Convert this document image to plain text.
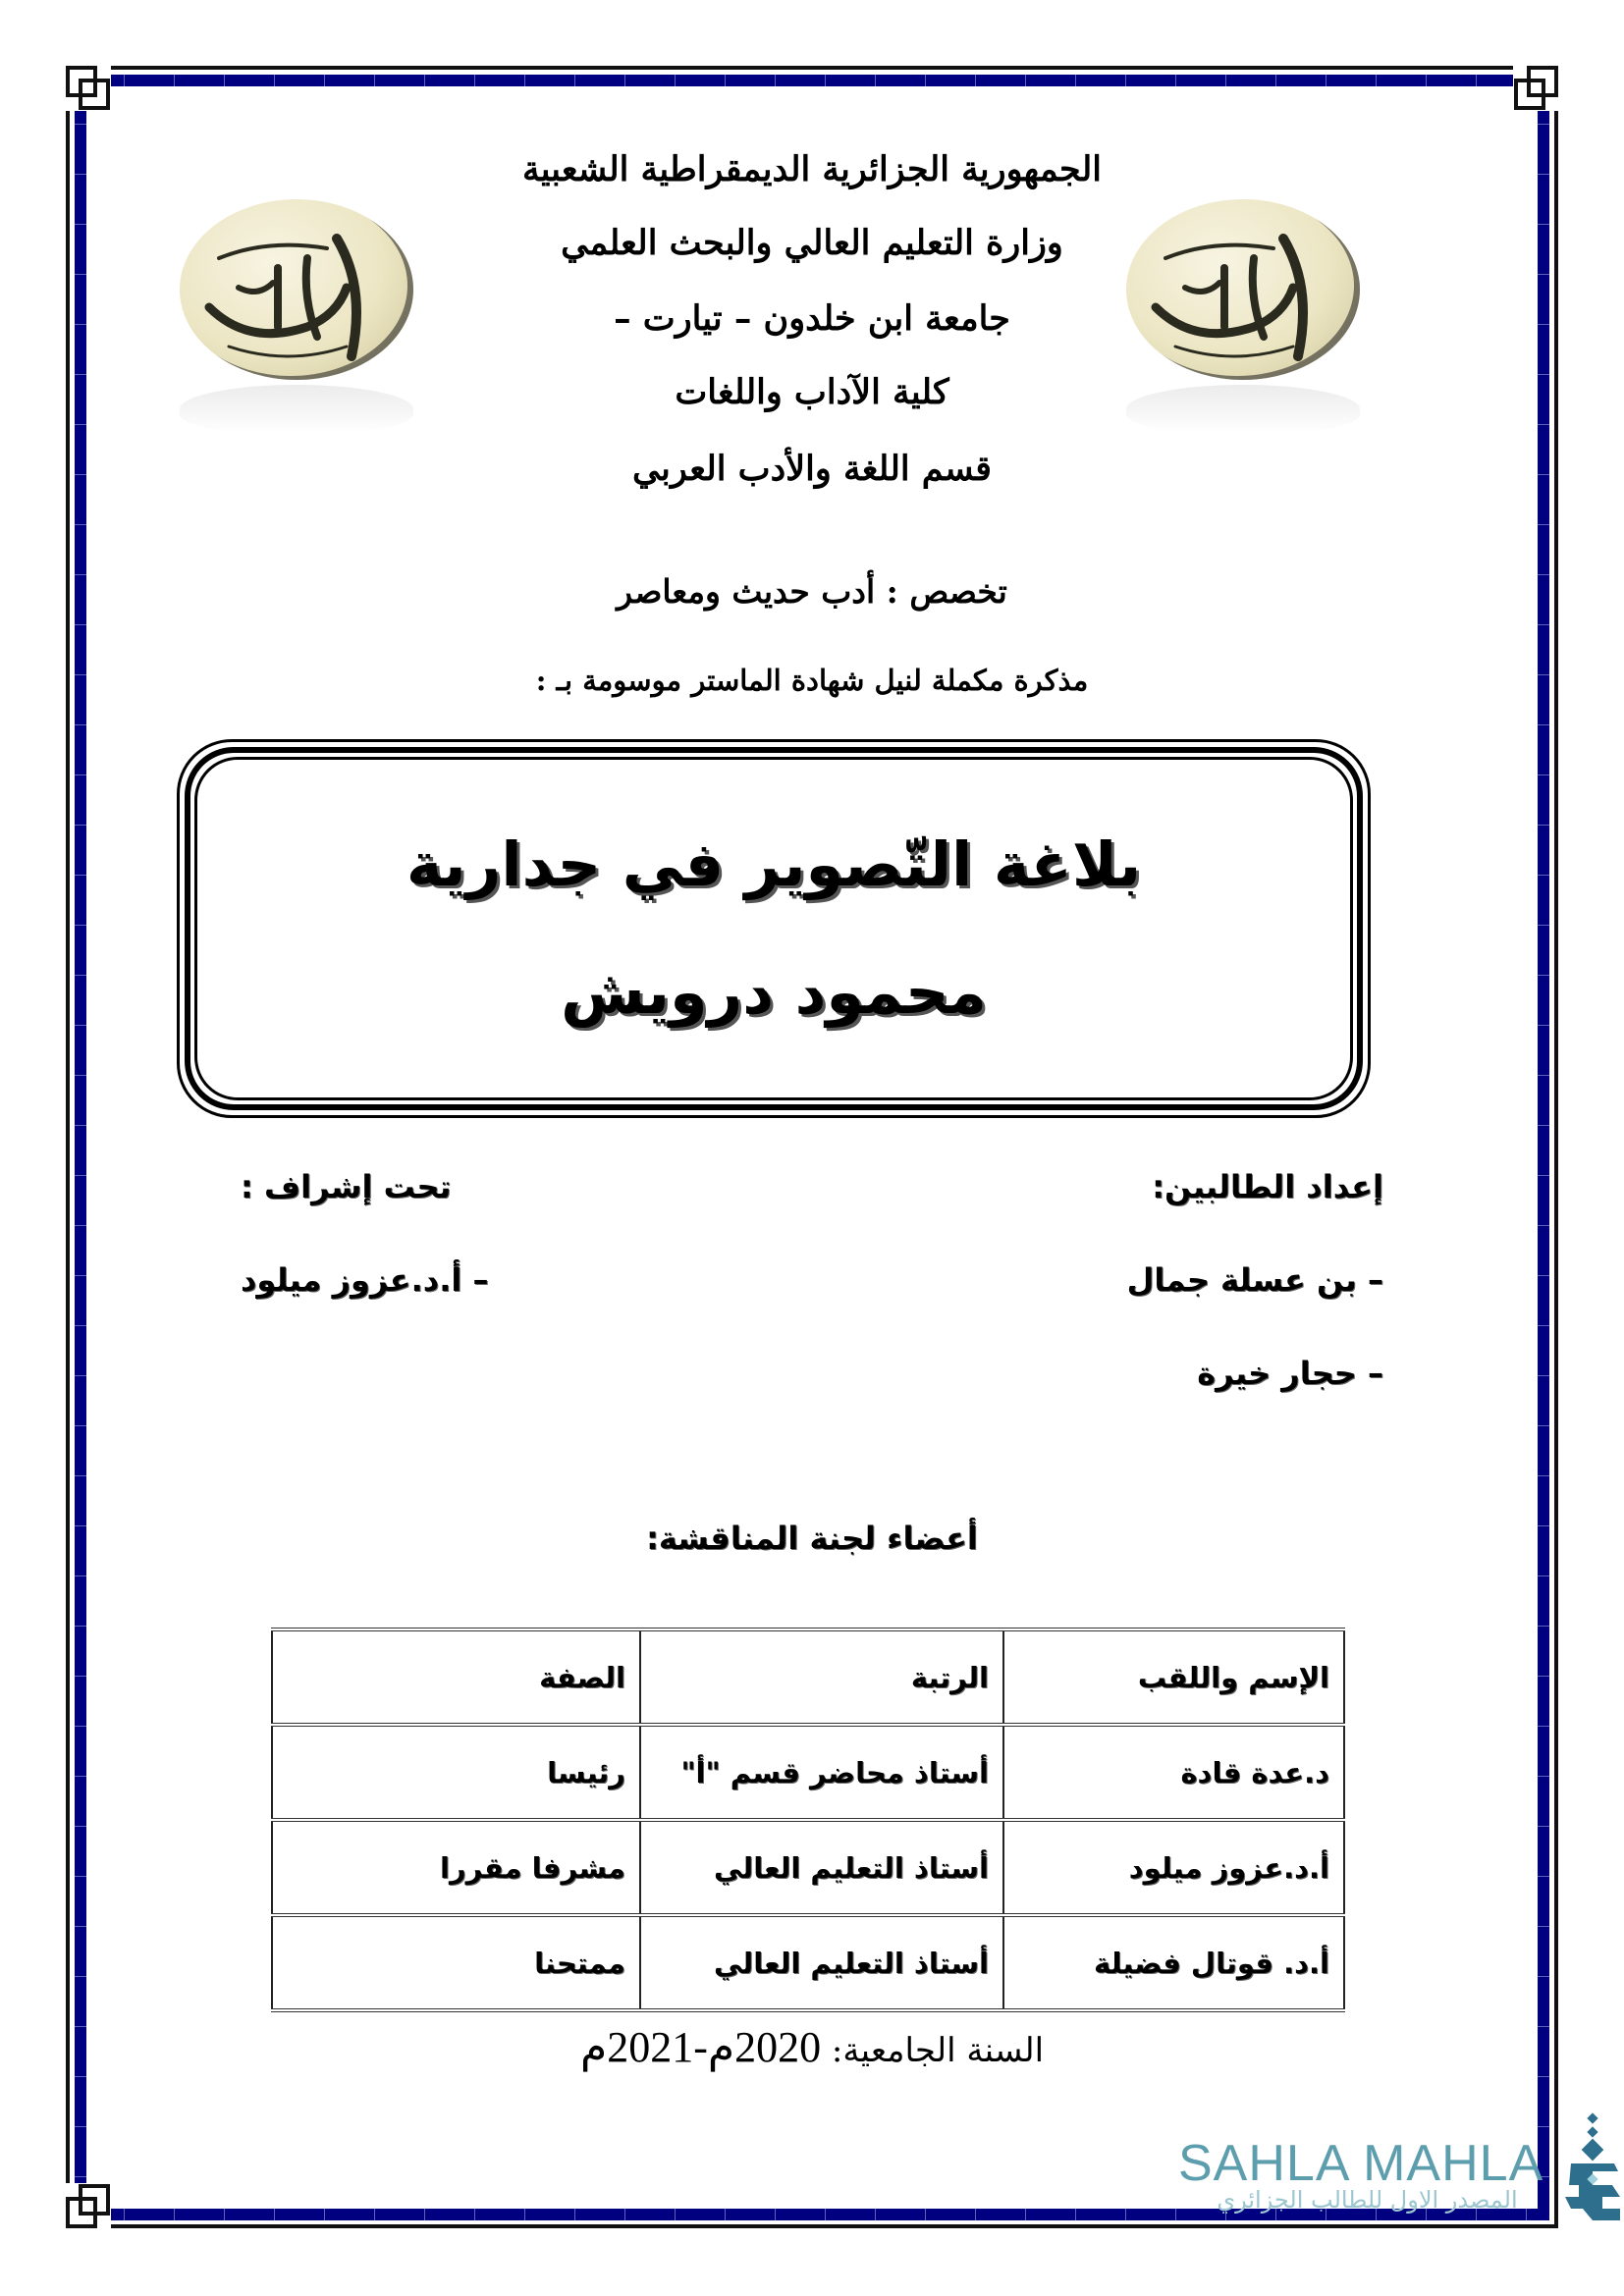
الجمهورية الجزائرية الديمقراطية الشعبية
وزارة التعليم العالي والبحث العلمي
جامعة ابن خلدون – تيارت –
كلية الآداب واللغات
قسم اللغة والأدب العربي
تخصص : أدب حديث ومعاصر
مذكرة مكملة لنيل شهادة الماستر موسومة بـ :
بلاغة التّصوير في جدارية
محمود درويش
إعداد الطالبين:
تحت إشراف :
– بن عسلة جمال
– أ.د.عزوز ميلود
– حجار خيرة
أعضاء لجنة المناقشة:
الإسم واللقب	الرتبة	الصفة
د.عدة قادة	أستاذ محاضر قسم "أ"	رئيسا
أ.د.عزوز ميلود	أستاذ التعليم العالي	مشرفا مقررا
أ.د. قوتال فضيلة	أستاذ التعليم العالي	ممتحنا
السنة الجامعية: 2020م-2021م
SAHLA MAHLA
المصدر الاول للطالب الجزائري
